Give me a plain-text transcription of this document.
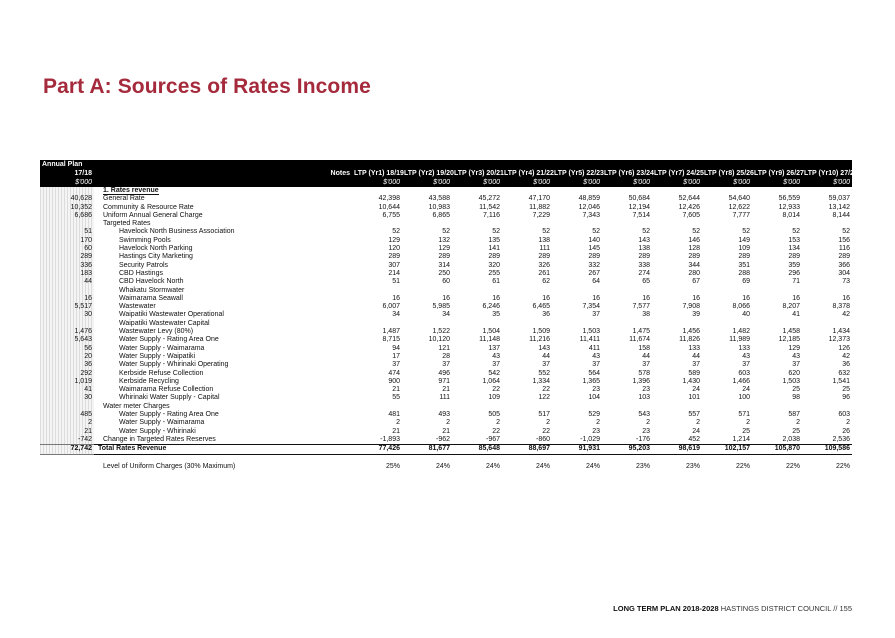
Part A: Sources of Rates Income
Annual Plan												
17/18		Notes	LTP (Yr1) 18/19	LTP (Yr2) 19/20	LTP (Yr3) 20/21	LTP (Yr4) 21/22	LTP (Yr5) 22/23	LTP (Yr6) 23/24	LTP (Yr7) 24/25	LTP (Yr8) 25/26	LTP (Yr9) 26/27	LTP (Yr10) 27/28
$'000			$'000	$'000	$'000	$'000	$'000	$'000	$'000	$'000	$'000	$'000
	1. Rates revenue											
40,628	General Rate		42,398	43,588	45,272	47,170	48,859	50,684	52,644	54,640	56,559	59,037
10,352	Community & Resource Rate		10,644	10,983	11,542	11,882	12,046	12,194	12,426	12,622	12,933	13,142
6,686	Uniform Annual General Charge		6,755	6,865	7,116	7,229	7,343	7,514	7,605	7,777	8,014	8,144
	Targeted Rates											
51	Havelock North Business Association		52	52	52	52	52	52	52	52	52	52
170	Swimming Pools		129	132	135	138	140	143	146	149	153	156
60	Havelock North Parking		120	129	141	111	145	138	128	109	134	116
289	Hastings City Marketing		289	289	289	289	289	289	289	289	289	289
336	Security Patrols		307	314	320	326	332	338	344	351	359	366
183	CBD Hastings		214	250	255	261	267	274	280	288	296	304
44	CBD Havelock North		51	60	61	62	64	65	67	69	71	73
	Whakatu Stormwater											
16	Waimarama Seawall		16	16	16	16	16	16	16	16	16	16
5,517	Wastewater		6,007	5,985	6,246	6,465	7,354	7,577	7,908	8,066	8,207	8,378
30	Waipatiki Wastewater Operational		34	34	35	36	37	38	39	40	41	42
	Waipatiki Wastewater Capital											
1,476	Wastewater Levy (80%)		1,487	1,522	1,504	1,509	1,503	1,475	1,456	1,482	1,458	1,434
5,643	Water Supply - Rating Area One		8,715	10,120	11,148	11,216	11,411	11,674	11,826	11,989	12,185	12,373
56	Water Supply - Waimarama		94	121	137	143	411	158	133	133	129	126
20	Water Supply - Waipatiki		17	28	43	44	43	44	44	43	43	42
36	Water Supply - Whirinaki Operating		37	37	37	37	37	37	37	37	37	36
292	Kerbside Refuse Collection		474	496	542	552	564	578	589	603	620	632
1,019	Kerbside Recycling		900	971	1,064	1,334	1,365	1,396	1,430	1,466	1,503	1,541
41	Waimarama Refuse Collection		21	21	22	22	23	23	24	24	25	25
30	Whirinaki Water Supply - Capital		55	111	109	122	104	103	101	100	98	96
	Water meter Charges											
485	Water Supply - Rating Area One		481	493	505	517	529	543	557	571	587	603
2	Water Supply - Waimarama		2	2	2	2	2	2	2	2	2	2
21	Water Supply - Whirinaki		21	21	22	22	23	23	24	25	25	26
-742	Change in Targeted Rates Reserves		-1,893	-962	-967	-860	-1,029	-176	452	1,214	2,038	2,536
72,742	Total Rates Revenue		77,426	81,677	85,648	88,697	91,931	95,203	98,619	102,157	105,870	109,586

	Level of Uniform Charges (30% Maximum)		25%	24%	24%	24%	24%	23%	23%	22%	22%	22%
LONG TERM PLAN 2018-2028 HASTINGS DISTRICT COUNCIL // 155
